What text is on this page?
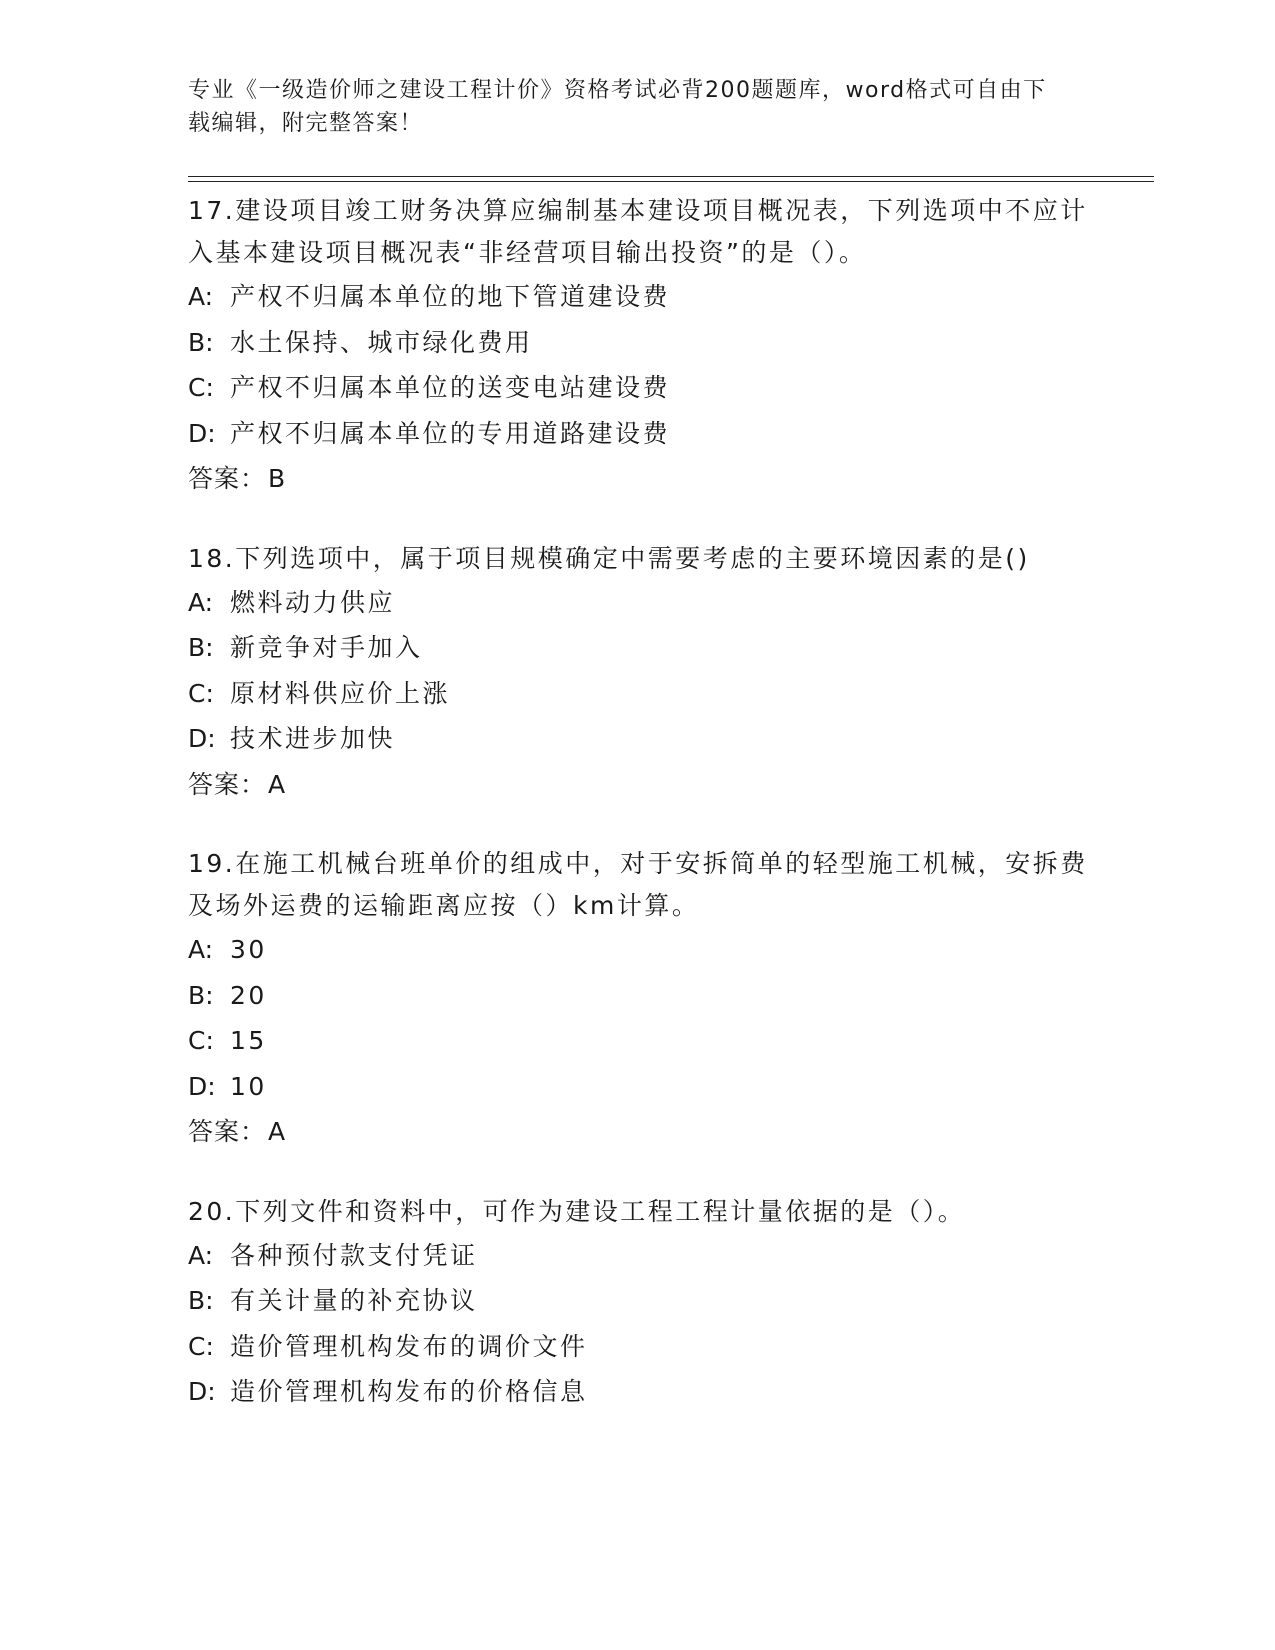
专业《一级造价师之建设工程计价》资格考试必背200题题库，word格式可自由下载编辑，附完整答案！

17.建设项目竣工财务决算应编制基本建设项目概况表，下列选项中不应计入基本建设项目概况表“非经营项目输出投资”的是（）。

A: 产权不归属本单位的地下管道建设费

B: 水土保持、城市绿化费用

C: 产权不归属本单位的送变电站建设费

D: 产权不归属本单位的专用道路建设费

答案：B

18.下列选项中，属于项目规模确定中需要考虑的主要环境因素的是()

A: 燃料动力供应

B: 新竞争对手加入

C: 原材料供应价上涨

D: 技术进步加快

答案：A

19.在施工机械台班单价的组成中，对于安拆简单的轻型施工机械，安拆费及场外运费的运输距离应按（）km计算。

A: 30

B: 20

C: 15

D: 10

答案：A

20.下列文件和资料中，可作为建设工程工程计量依据的是（）。

A: 各种预付款支付凭证

B: 有关计量的补充协议

C: 造价管理机构发布的调价文件

D: 造价管理机构发布的价格信息
